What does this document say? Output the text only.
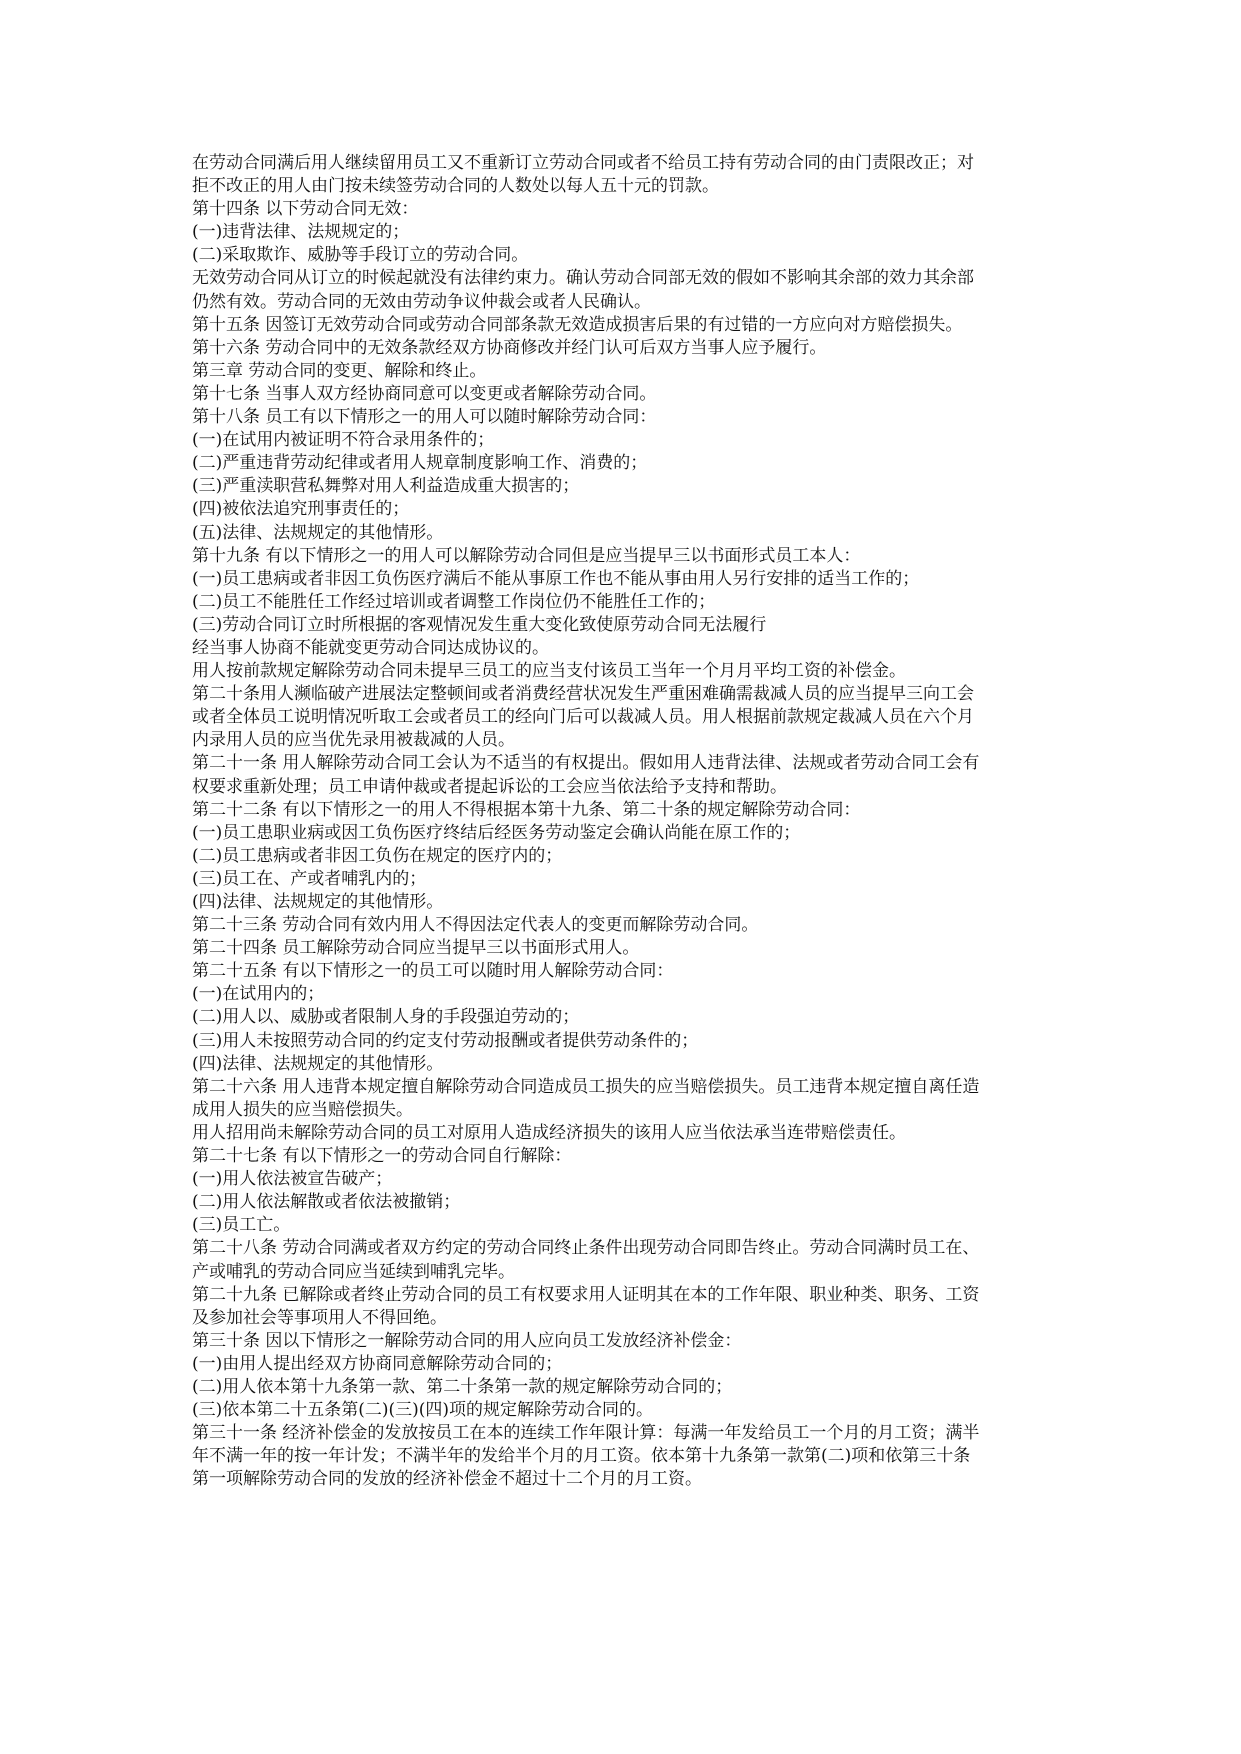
在劳动合同满后用人继续留用员工又不重新订立劳动合同或者不给员工持有劳动合同的由门责限改正；对
拒不改正的用人由门按未续签劳动合同的人数处以每人五十元的罚款。
第十四条 以下劳动合同无效：
(一)违背法律、法规规定的；
(二)采取欺诈、威胁等手段订立的劳动合同。
无效劳动合同从订立的时候起就没有法律约束力。确认劳动合同部无效的假如不影响其余部的效力其余部
仍然有效。劳动合同的无效由劳动争议仲裁会或者人民确认。
第十五条 因签订无效劳动合同或劳动合同部条款无效造成损害后果的有过错的一方应向对方赔偿损失。
第十六条 劳动合同中的无效条款经双方协商修改并经门认可后双方当事人应予履行。
第三章 劳动合同的变更、解除和终止。
第十七条 当事人双方经协商同意可以变更或者解除劳动合同。
第十八条 员工有以下情形之一的用人可以随时解除劳动合同：
(一)在试用内被证明不符合录用条件的；
(二)严重违背劳动纪律或者用人规章制度影响工作、消费的；
(三)严重渎职营私舞弊对用人利益造成重大损害的；
(四)被依法追究刑事责任的；
(五)法律、法规规定的其他情形。
第十九条 有以下情形之一的用人可以解除劳动合同但是应当提早三以书面形式员工本人：
(一)员工患病或者非因工负伤医疗满后不能从事原工作也不能从事由用人另行安排的适当工作的；
(二)员工不能胜任工作经过培训或者调整工作岗位仍不能胜任工作的；
(三)劳动合同订立时所根据的客观情况发生重大变化致使原劳动合同无法履行
经当事人协商不能就变更劳动合同达成协议的。
用人按前款规定解除劳动合同未提早三员工的应当支付该员工当年一个月月平均工资的补偿金。
第二十条用人濒临破产进展法定整顿间或者消费经营状况发生严重困难确需裁减人员的应当提早三向工会
或者全体员工说明情况听取工会或者员工的经向门后可以裁减人员。用人根据前款规定裁减人员在六个月
内录用人员的应当优先录用被裁减的人员。
第二十一条 用人解除劳动合同工会认为不适当的有权提出。假如用人违背法律、法规或者劳动合同工会有
权要求重新处理；员工申请仲裁或者提起诉讼的工会应当依法给予支持和帮助。
第二十二条 有以下情形之一的用人不得根据本第十九条、第二十条的规定解除劳动合同：
(一)员工患职业病或因工负伤医疗终结后经医务劳动鉴定会确认尚能在原工作的；
(二)员工患病或者非因工负伤在规定的医疗内的；
(三)员工在、产或者哺乳内的；
(四)法律、法规规定的其他情形。
第二十三条 劳动合同有效内用人不得因法定代表人的变更而解除劳动合同。
第二十四条 员工解除劳动合同应当提早三以书面形式用人。
第二十五条 有以下情形之一的员工可以随时用人解除劳动合同：
(一)在试用内的；
(二)用人以、威胁或者限制人身的手段强迫劳动的；
(三)用人未按照劳动合同的约定支付劳动报酬或者提供劳动条件的；
(四)法律、法规规定的其他情形。
第二十六条 用人违背本规定擅自解除劳动合同造成员工损失的应当赔偿损失。员工违背本规定擅自离任造
成用人损失的应当赔偿损失。
用人招用尚未解除劳动合同的员工对原用人造成经济损失的该用人应当依法承当连带赔偿责任。
第二十七条 有以下情形之一的劳动合同自行解除：
(一)用人依法被宣告破产；
(二)用人依法解散或者依法被撤销；
(三)员工亡。
第二十八条 劳动合同满或者双方约定的劳动合同终止条件出现劳动合同即告终止。劳动合同满时员工在、
产或哺乳的劳动合同应当延续到哺乳完毕。
第二十九条 已解除或者终止劳动合同的员工有权要求用人证明其在本的工作年限、职业种类、职务、工资
及参加社会等事项用人不得回绝。
第三十条 因以下情形之一解除劳动合同的用人应向员工发放经济补偿金：
(一)由用人提出经双方协商同意解除劳动合同的；
(二)用人依本第十九条第一款、第二十条第一款的规定解除劳动合同的；
(三)依本第二十五条第(二)(三)(四)项的规定解除劳动合同的。
第三十一条 经济补偿金的发放按员工在本的连续工作年限计算：每满一年发给员工一个月的月工资；满半
年不满一年的按一年计发；不满半年的发给半个月的月工资。依本第十九条第一款第(二)项和依第三十条
第一项解除劳动合同的发放的经济补偿金不超过十二个月的月工资。
